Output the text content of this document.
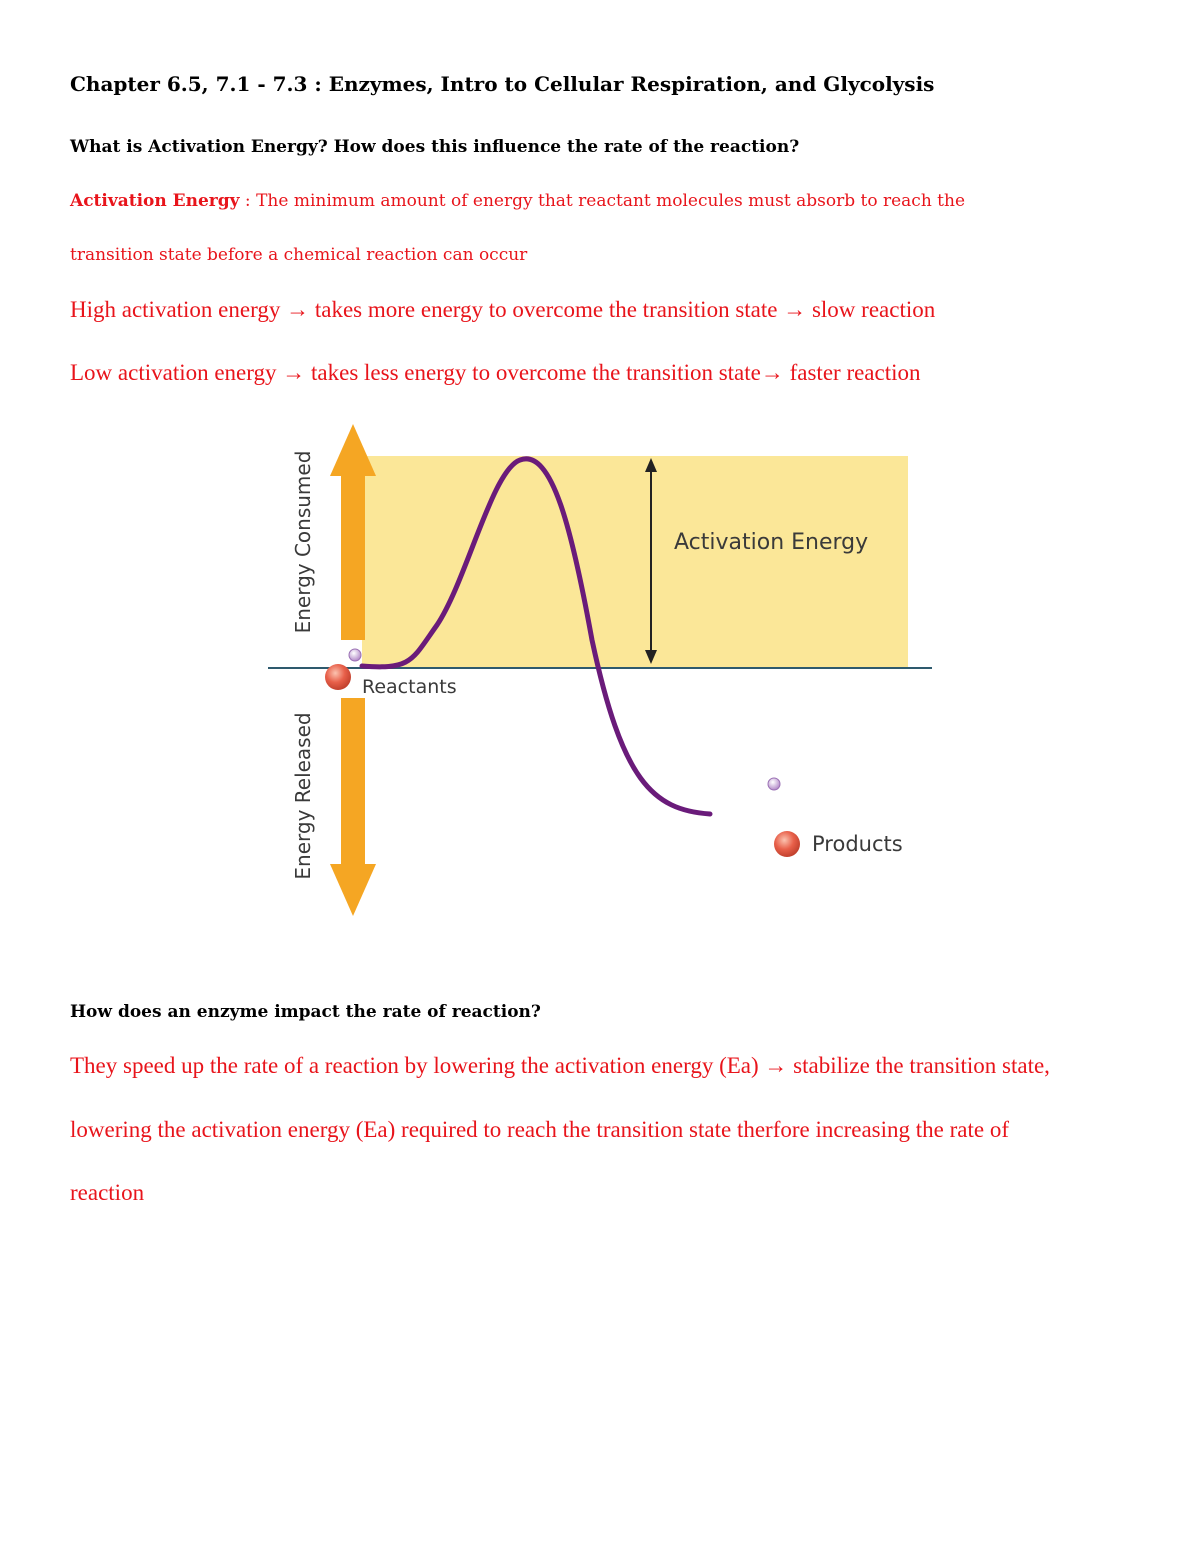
Chapter 6.5, 7.1 - 7.3 : Enzymes, Intro to Cellular Respiration, and Glycolysis
What is Activation Energy? How does this influence the rate of the reaction?
Activation Energy : The minimum amount of energy that reactant molecules must absorb to reach the
transition state before a chemical reaction can occur
High activation energy → takes more energy to overcome the transition state → slow reaction
Low activation energy → takes less energy to overcome the transition state→ faster reaction
Activation Energy
Reactants
Products
Energy Consumed
Energy Released
How does an enzyme impact the rate of reaction?
They speed up the rate of a reaction by lowering the activation energy (Ea) → stabilize the transition state,
lowering the activation energy (Ea) required to reach the transition state therfore increasing the rate of
reaction
